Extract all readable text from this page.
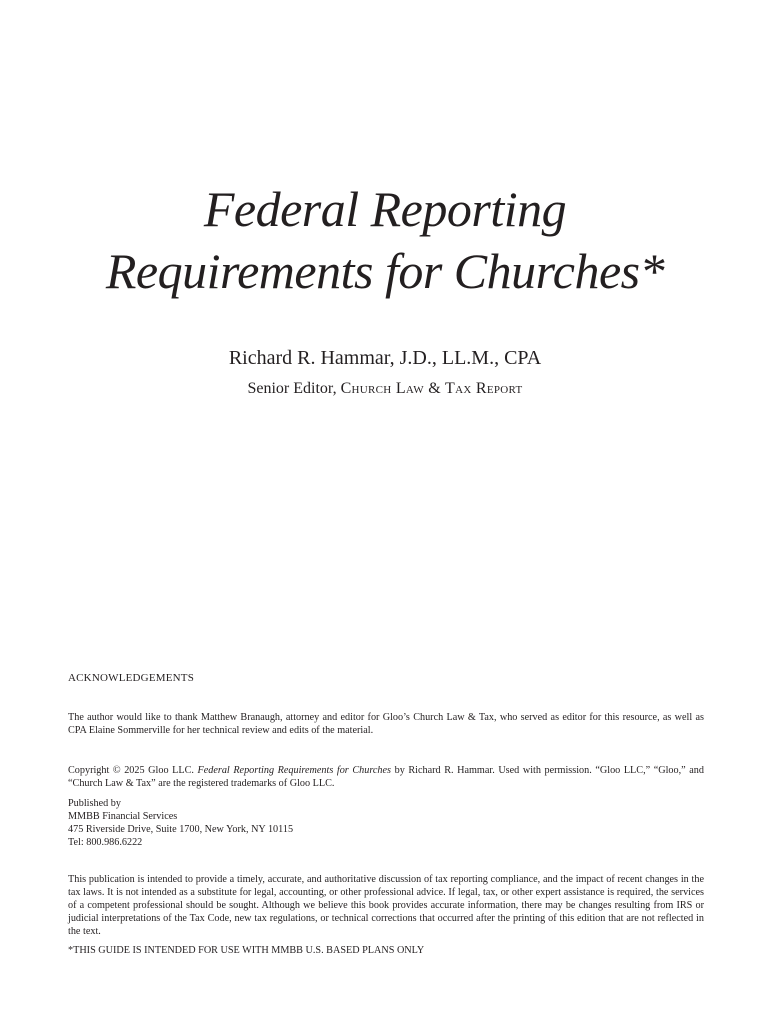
Federal Reporting
Requirements for Churches*
Richard R. Hammar, J.D., LL.M., CPA
Senior Editor, Church Law & Tax Report
ACKNOWLEDGEMENTS

The author would like to thank Matthew Branaugh, attorney and editor for Gloo’s Church Law & Tax, who served as editor for this resource, as well as CPA Elaine Sommerville for her technical review and edits of the material.

Copyright © 2025 Gloo LLC. Federal Reporting Requirements for Churches by Richard R. Hammar. Used with permission. “Gloo LLC,” “Gloo,” and “Church Law & Tax” are the registered trademarks of Gloo LLC.

Published by
MMBB Financial Services
475 Riverside Drive, Suite 1700, New York, NY 10115
Tel: 800.986.6222

This publication is intended to provide a timely, accurate, and authoritative discussion of tax reporting compliance, and the impact of recent changes in the tax laws. It is not intended as a substitute for legal, accounting, or other professional advice. If legal, tax, or other expert assistance is required, the services of a competent professional should be sought. Although we believe this book provides accurate information, there may be changes resulting from IRS or judicial interpretations of the Tax Code, new tax regulations, or technical corrections that occurred after the printing of this edition that are not reflected in the text.

*THIS GUIDE IS INTENDED FOR USE WITH MMBB U.S. BASED PLANS ONLY
